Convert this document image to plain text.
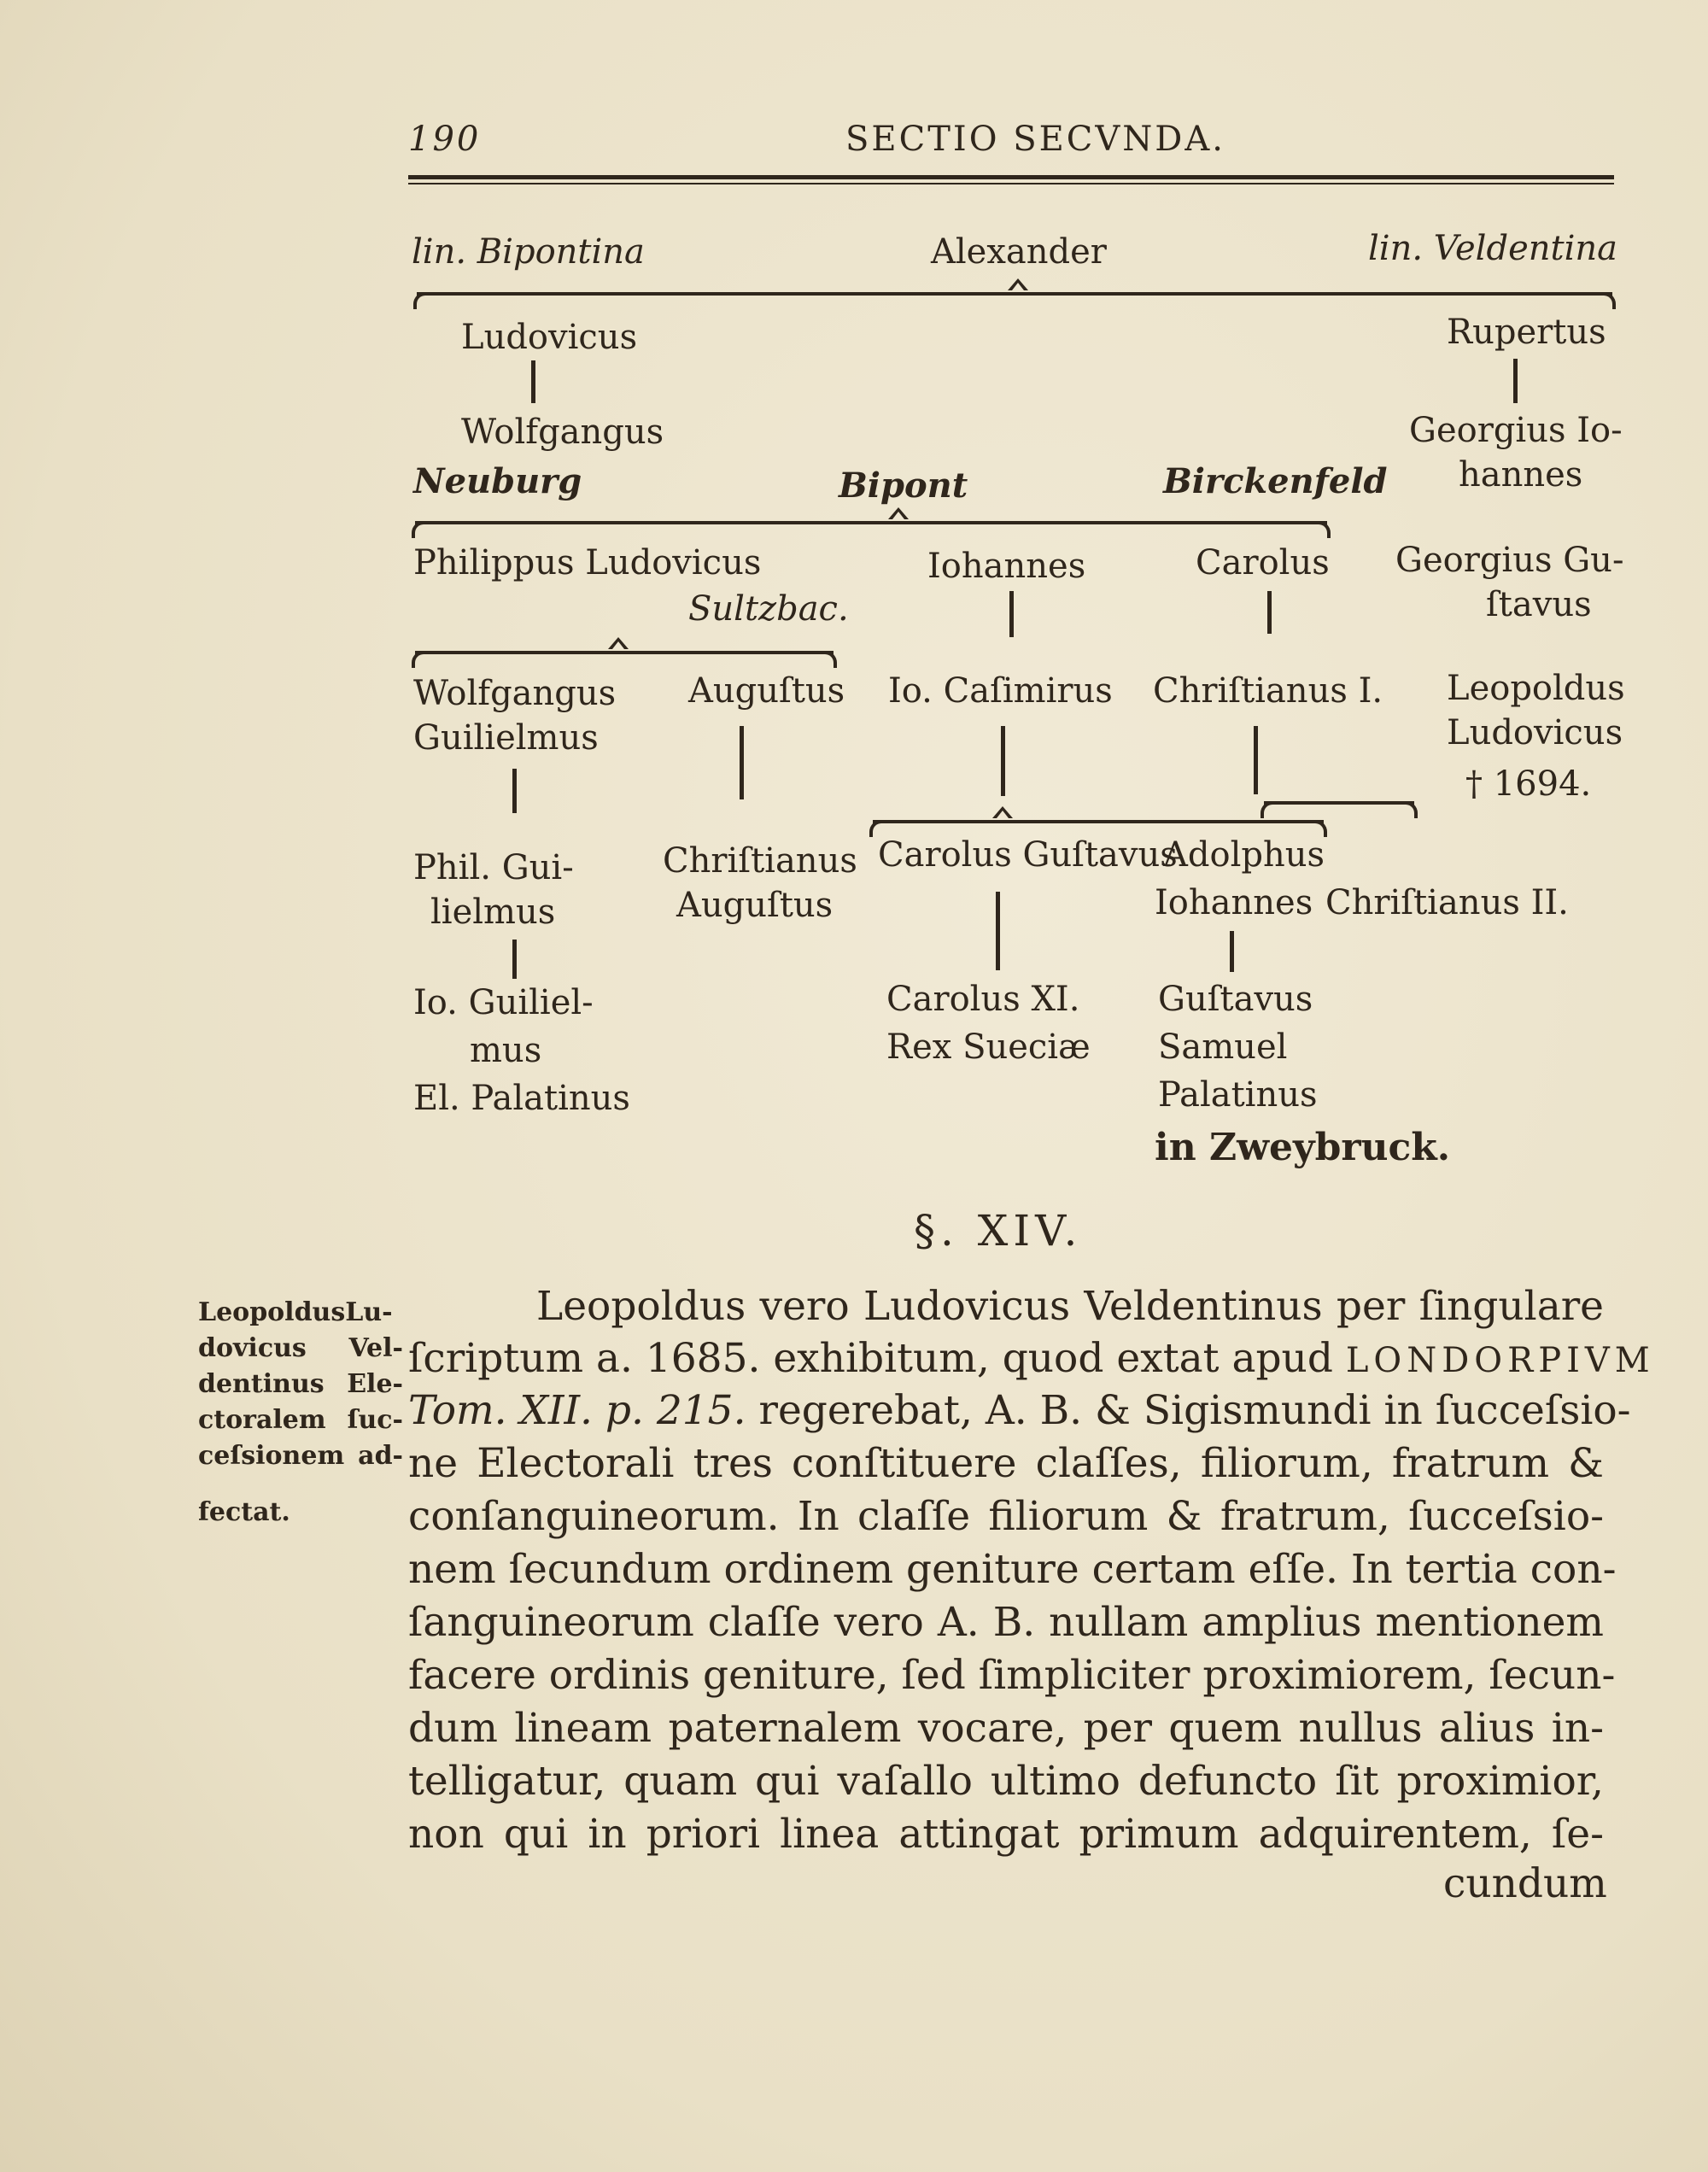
190	SECTIO SECVNDA.
lin. Bipontina	Alexander	lin. Veldentina
Ludovicus	Rupertus
Wolfgangus	Georgius Io-
hannes
Neuburg	Bipont	Birckenfeld
Philippus Ludovicus	Iohannes	Carolus Georgius Gu-
ſtavus
Sultzbac.
Wolfgangus
Guilielmus
Auguſtus Io. Caſimirus Chriſtianus I. Leopoldus
Ludovicus
† 1694.
Phil. Gui-
lielmus
Chriſtianus
Auguſtus
Carolus Guſtavus
Adolphus
Iohannes Chriſtianus II.
Io. Guiliel-
mus
El. Palatinus
Carolus XI.
Rex Sueciæ
Guſtavus
Samuel
Palatinus
in Zweybruck.
§. XIV.
LeopoldusLu-
dovicus Vel-
dentinus Ele-
ctoralem ſuc-
ceſsionem ad-
fectat.
Leopoldus vero Ludovicus Veldentinus per ſingulare
ſcriptum a. 1685. exhibitum, quod extat apud LONDORPIVM
Tom. XII. p. 215. regerebat, A. B. & Sigismundi in ſucceſsio-
ne Electorali tres conſtituere claſſes, filiorum, fratrum &
conſanguineorum. In claſſe filiorum & fratrum, ſucceſsio-
nem ſecundum ordinem geniture certam eſſe. In tertia con-
ſanguineorum claſſe vero A. B. nullam amplius mentionem
facere ordinis geniture, ſed ſimpliciter proximiorem, ſecun-
dum lineam paternalem vocare, per quem nullus alius in-
telligatur, quam qui vaſallo ultimo defuncto ſit proximior,
non qui in priori linea attingat primum adquirentem, ſe-
cundum
